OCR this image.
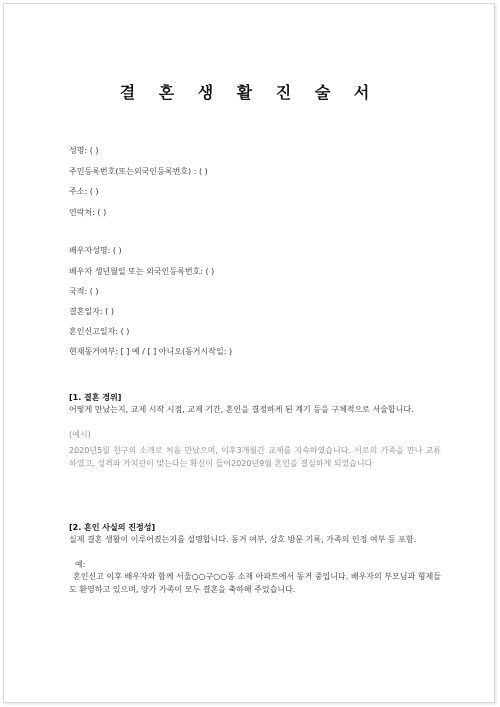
결 혼 생 활 진 술 서
성명: ( )
주민등록번호(또는외국인등록번호) : ( )
주소: ( )
연락처: ( )
배우자성명: ( )
배우자 생년월일 또는 외국인등록번호: ( )
국적: ( )
결혼일자: ( )
혼인신고일자: ( )
현재동거여부: [ ] 예 / [ ] 아니오(동거시작일: )
[1. 결혼 경위]

어떻게 만났는지, 교제 시작 시점, 교제 기간, 혼인을 결정하게 된 계기 등을 구체적으로 서술합니다.

(예시)

2020년5월 친구의 소개로 처음 만났으며, 이후3개월간 교제를 지속하였습니다. 서로의 가족을 만나 교류하였고, 성격과 가치관이 맞는다는 확신이 들어2020년9월 혼인을 결심하게 되었습니다

[2. 혼인 사실의 진정성]

실제 결혼 생활이 이루어졌는지를 설명합니다. 동거 여부, 상호 방문 기록, 가족의 인정 여부 등 포함.

예:

혼인신고 이후 배우자와 함께 서울○○구○○동 소재 아파트에서 동거 중입니다. 배우자의 부모님과 형제들도 환영하고 있으며, 양가 가족이 모두 결혼을 축하해 주었습니다.
